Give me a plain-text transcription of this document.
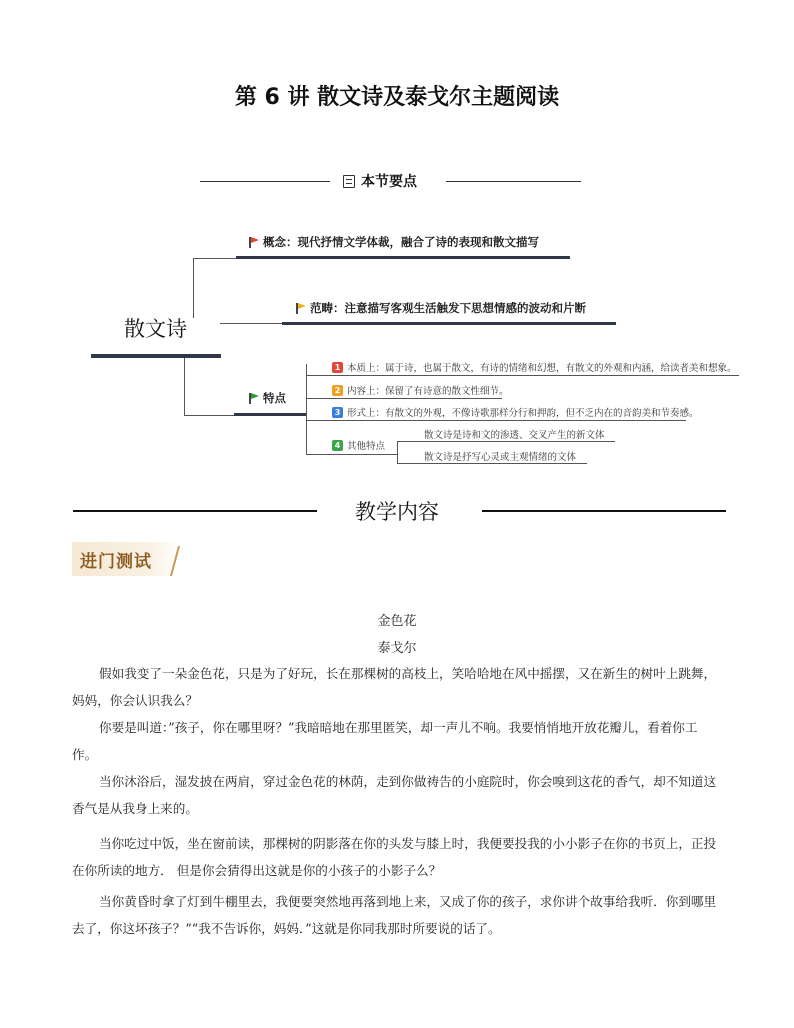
第 6 讲 散文诗及泰戈尔主题阅读
本节要点
概念：现代抒情文学体裁，融合了诗的表现和散文描写
范畴：注意描写客观生活触发下思想情感的波动和片断
散文诗
特点
1 本质上：属于诗，也属于散文，有诗的情绪和幻想，有散文的外观和内涵，给读者美和想象。
2 内容上：保留了有诗意的散文性细节。
3 形式上：有散文的外观，不像诗歌那样分行和押韵，但不乏内在的音韵美和节奏感。
4 其他特点
散文诗是诗和文的渗透、交叉产生的新文体
散文诗是抒写心灵或主观情绪的文体
教学内容
进门测试
金色花
泰戈尔
假如我变了一朵金色花，只是为了好玩，长在那棵树的高枝上，笑哈哈地在风中摇摆，又在新生的树叶上跳舞，妈妈，你会认识我么？
你要是叫道：”孩子，你在哪里呀？”我暗暗地在那里匿笑，却一声儿不响。我要悄悄地开放花瓣儿，看着你工作。
当你沐浴后，湿发披在两肩，穿过金色花的林荫，走到你做祷告的小庭院时，你会嗅到这花的香气，却不知道这香气是从我身上来的。
当你吃过中饭，坐在窗前读，那棵树的阴影落在你的头发与膝上时，我便要投我的小小影子在你的书页上，正投在你所读的地方． 但是你会猜得出这就是你的小孩子的小影子么？
当你黄昏时拿了灯到牛棚里去，我便要突然地再落到地上来，又成了你的孩子，求你讲个故事给我听．你到哪里去了，你这坏孩子？”“我不告诉你，妈妈．”这就是你同我那时所要说的话了。
